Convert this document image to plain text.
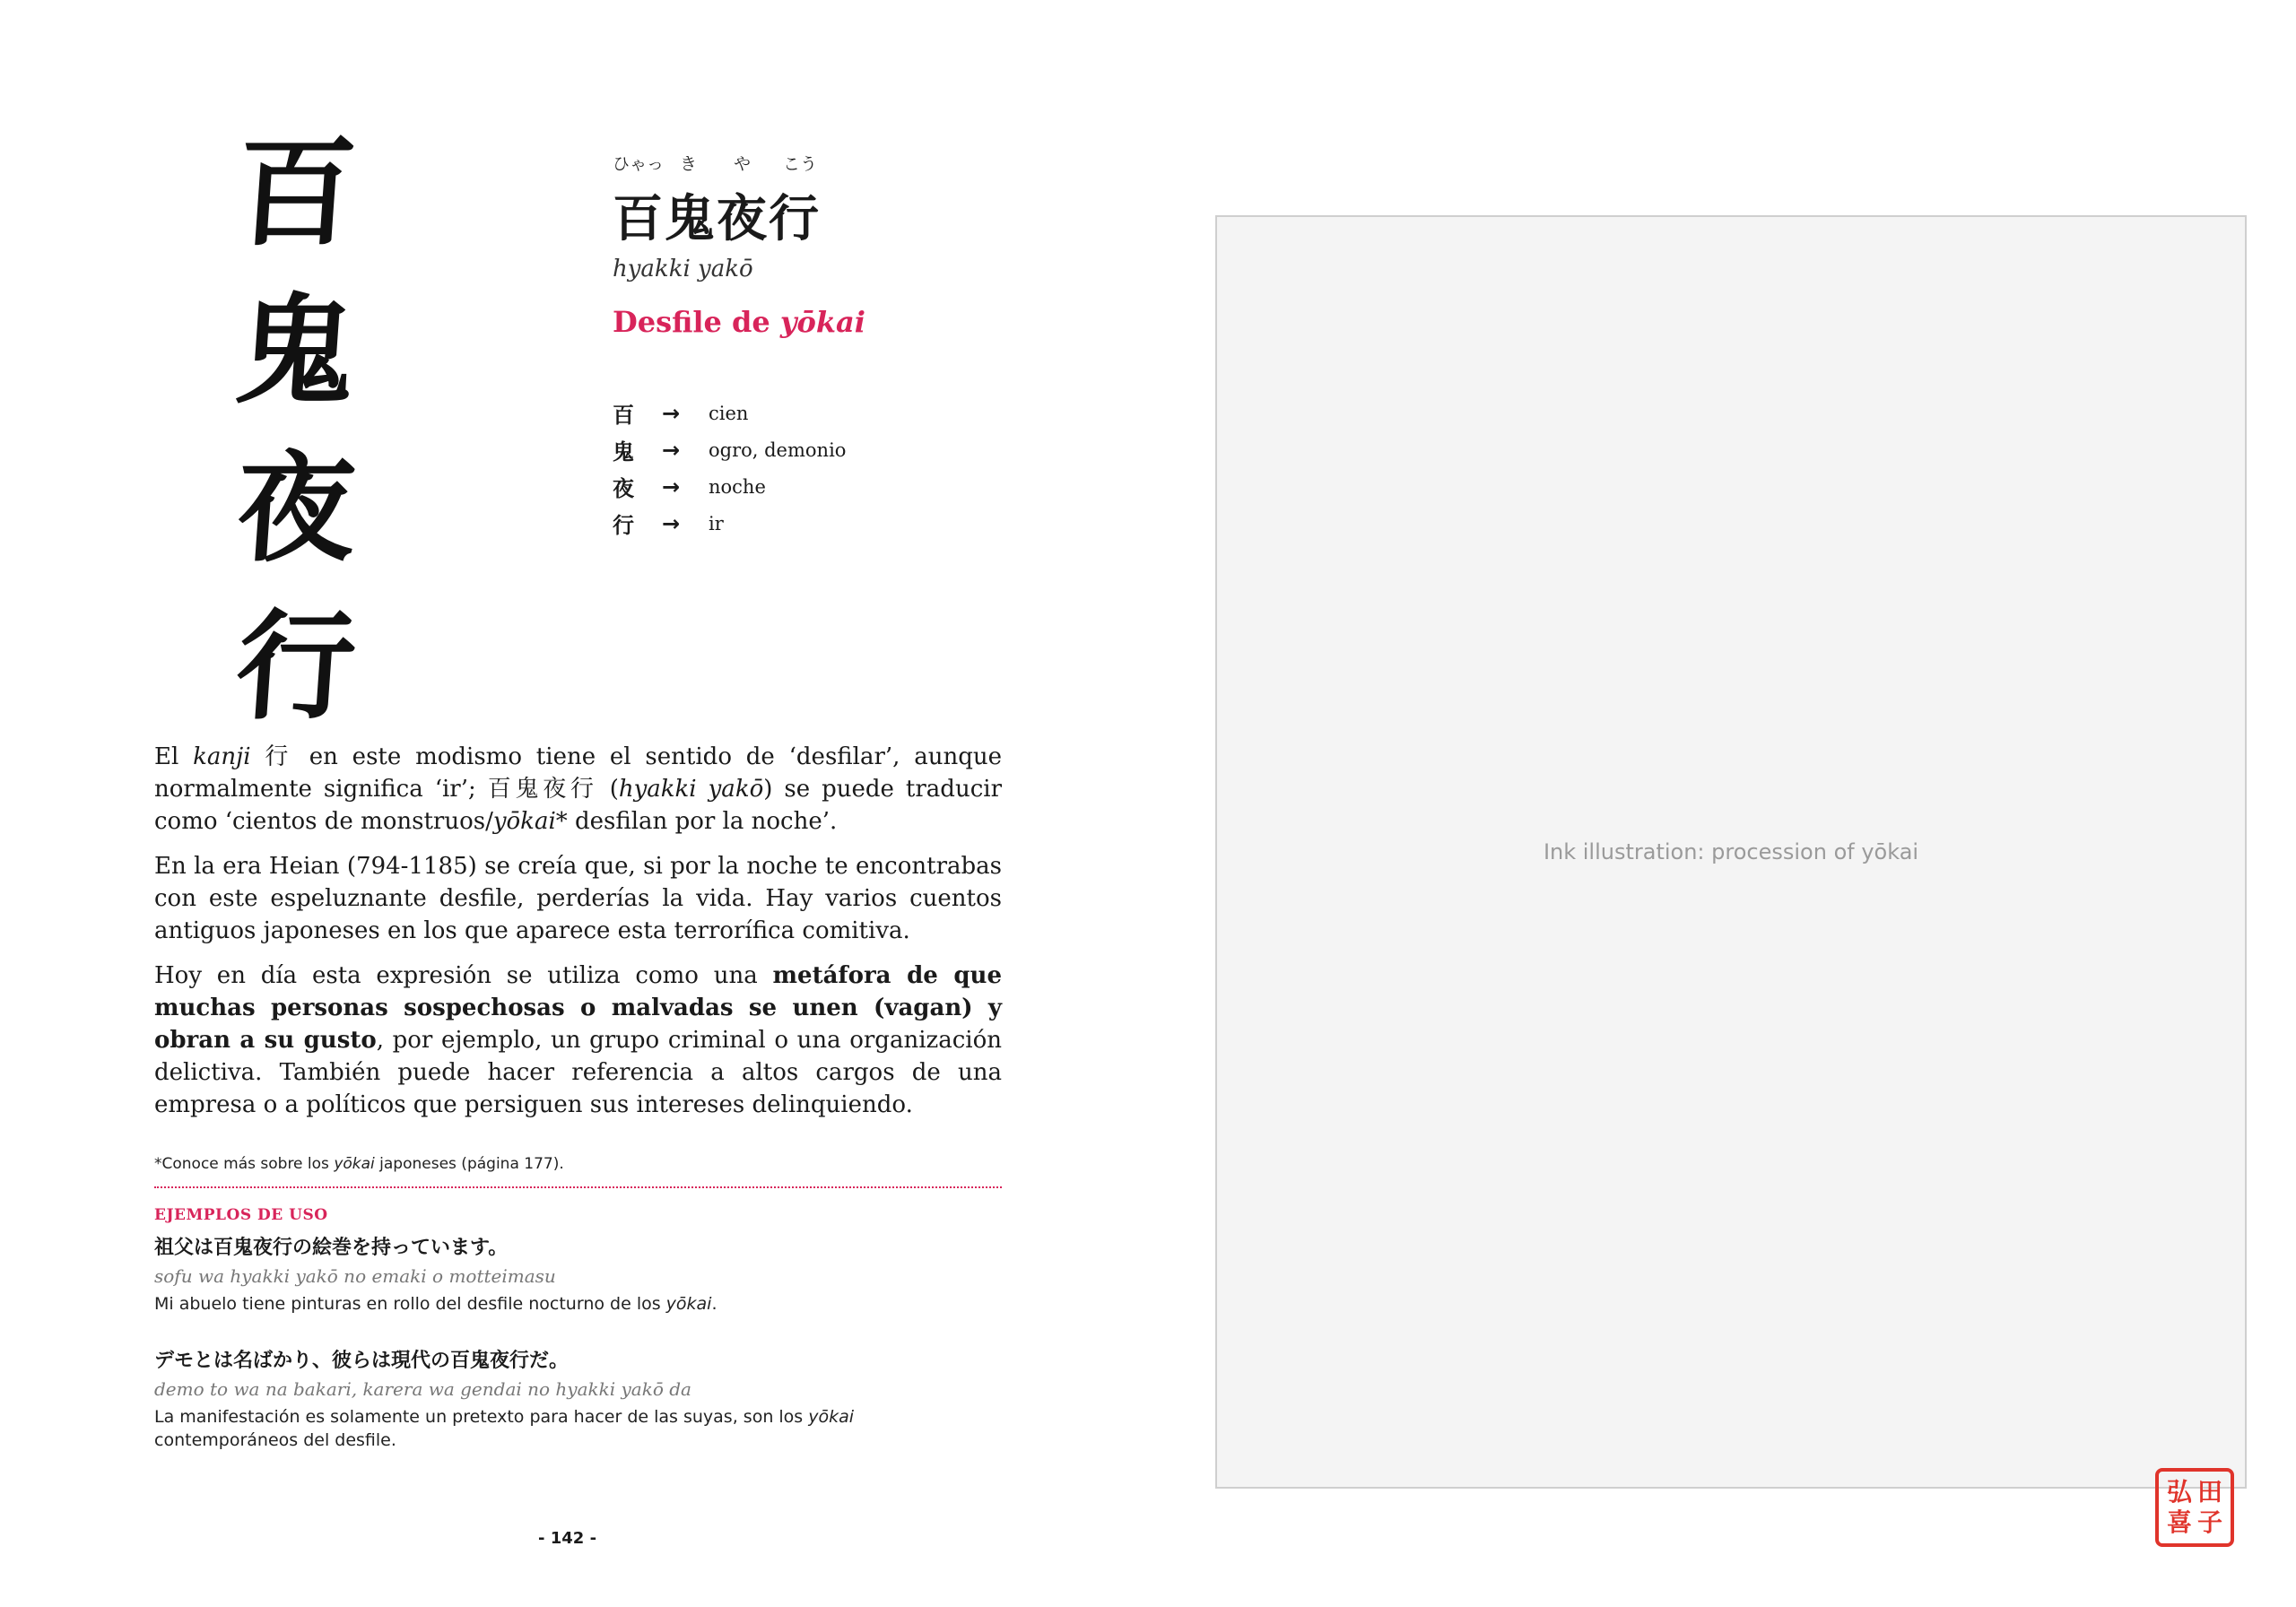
百
鬼
夜
行
ひゃっ き や こう
百鬼夜行
hyakki yakō
Desfile de yōkai
百	→	cien
鬼	→	ogro, demonio
夜	→	noche
行	→	ir

El kanji 行 en este modismo tiene el sentido de ‘desfilar’, aunque normalmente significa ‘ir’; 百鬼夜行 (hyakki yakō) se puede traducir como ‘cientos de monstruos/yōkai* desfilan por la noche’.

En la era Heian (794-1185) se creía que, si por la noche te encontrabas con este espeluznante desfile, perderías la vida. Hay varios cuentos antiguos japoneses en los que aparece esta terrorífica comitiva.

Hoy en día esta expresión se utiliza como una metáfora de que muchas personas sospechosas o malvadas se unen (vagan) y obran a su gusto, por ejemplo, un grupo criminal o una organización delictiva. También puede hacer referencia a altos cargos de una empresa o a políticos que persiguen sus intereses delinquiendo.

*Conoce más sobre los yōkai japoneses (página 177).
EJEMPLOS DE USO
祖父は百鬼夜行の絵巻を持っています。
sofu wa hyakki yakō no emaki o motteimasu
Mi abuelo tiene pinturas en rollo del desfile nocturno de los yōkai.
デモとは名ばかり、彼らは現代の百鬼夜行だ。
demo to wa na bakari, karera wa gendai no hyakki yakō da
La manifestación es solamente un pretexto para hacer de las suyas, son los yōkai contemporáneos del desfile.
- 142 -
Ink illustration: procession of yōkai
弘 田
喜 子
